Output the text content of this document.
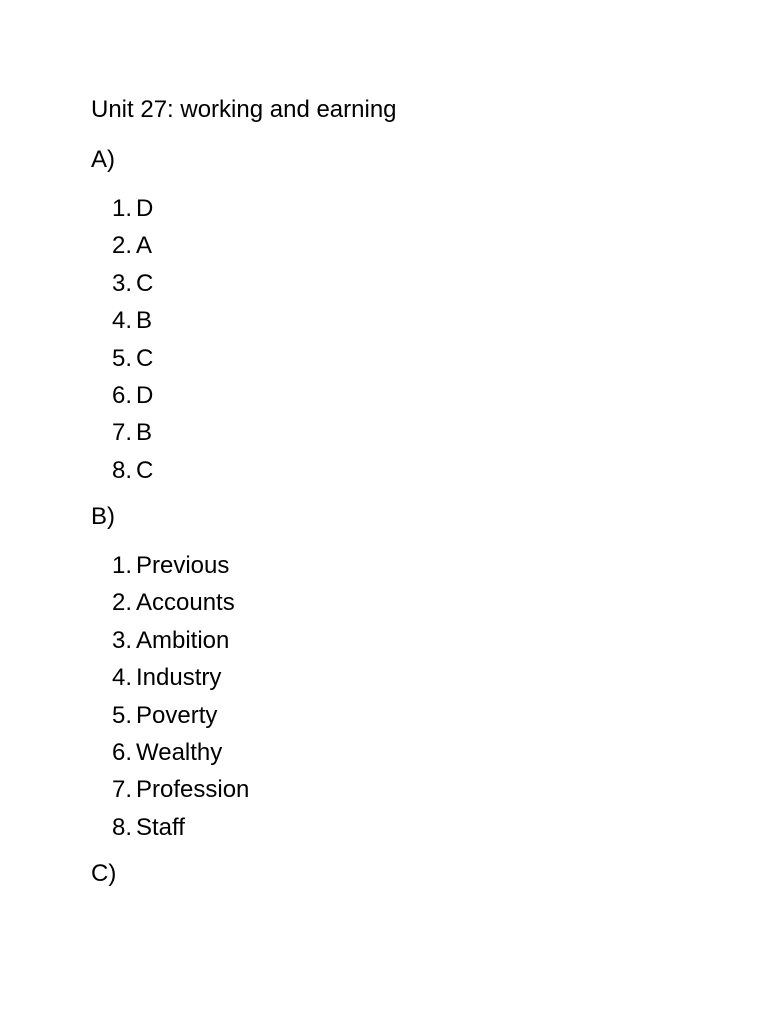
Unit 27: working and earning
A)
1. D
2. A
3. C
4. B
5. C
6. D
7. B
8. C
B)
1. Previous
2. Accounts
3. Ambition
4. Industry
5. Poverty
6. Wealthy
7. Profession
8. Staff
C)
